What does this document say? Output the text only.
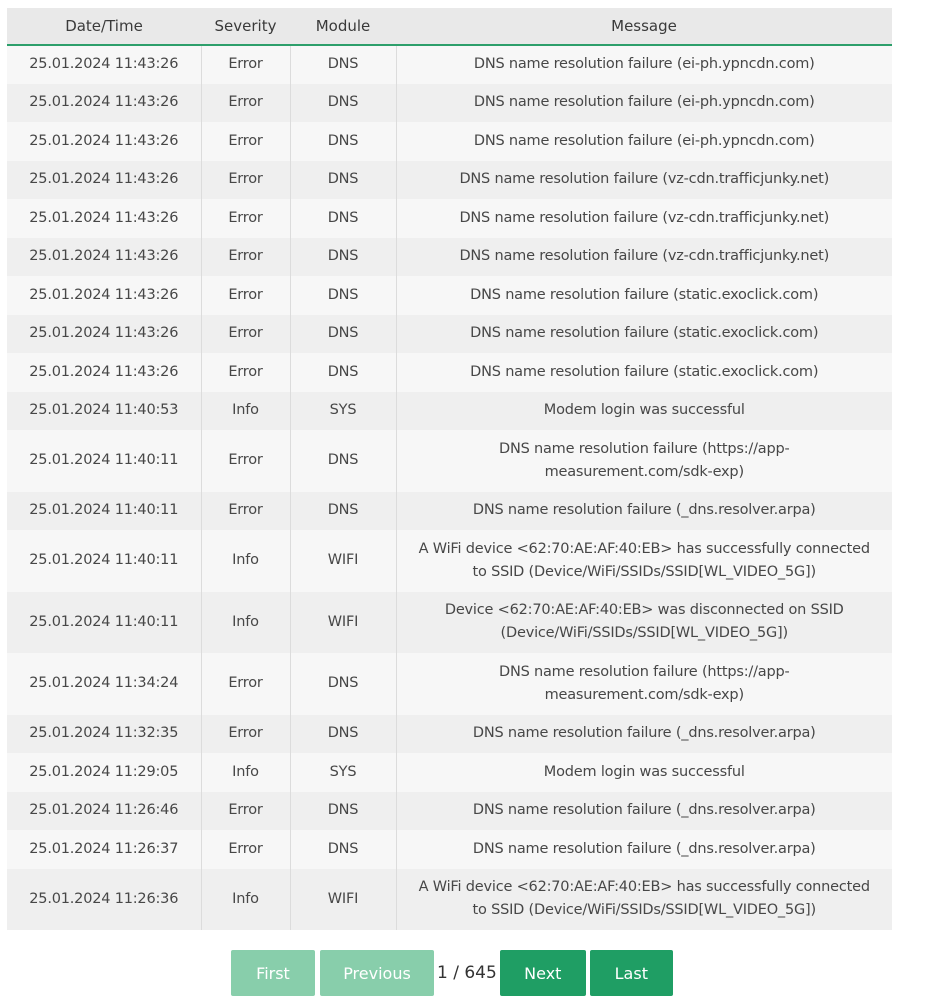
Date/Time	Severity	Module	Message
25.01.2024 11:43:26	Error	DNS	DNS name resolution failure (ei-ph.ypncdn.com)
25.01.2024 11:43:26	Error	DNS	DNS name resolution failure (ei-ph.ypncdn.com)
25.01.2024 11:43:26	Error	DNS	DNS name resolution failure (ei-ph.ypncdn.com)
25.01.2024 11:43:26	Error	DNS	DNS name resolution failure (vz-cdn.trafficjunky.net)
25.01.2024 11:43:26	Error	DNS	DNS name resolution failure (vz-cdn.trafficjunky.net)
25.01.2024 11:43:26	Error	DNS	DNS name resolution failure (vz-cdn.trafficjunky.net)
25.01.2024 11:43:26	Error	DNS	DNS name resolution failure (static.exoclick.com)
25.01.2024 11:43:26	Error	DNS	DNS name resolution failure (static.exoclick.com)
25.01.2024 11:43:26	Error	DNS	DNS name resolution failure (static.exoclick.com)
25.01.2024 11:40:53	Info	SYS	Modem login was successful
25.01.2024 11:40:11	Error	DNS	DNS name resolution failure (https://app-measurement.com/sdk-exp)
25.01.2024 11:40:11	Error	DNS	DNS name resolution failure (_dns.resolver.arpa)
25.01.2024 11:40:11	Info	WIFI	A WiFi device <62:70:AE:AF:40:EB> has successfully connected to SSID (Device/WiFi/SSIDs/SSID[WL_VIDEO_5G])
25.01.2024 11:40:11	Info	WIFI	Device <62:70:AE:AF:40:EB> was disconnected on SSID (Device/WiFi/SSIDs/SSID[WL_VIDEO_5G])
25.01.2024 11:34:24	Error	DNS	DNS name resolution failure (https://app-measurement.com/sdk-exp)
25.01.2024 11:32:35	Error	DNS	DNS name resolution failure (_dns.resolver.arpa)
25.01.2024 11:29:05	Info	SYS	Modem login was successful
25.01.2024 11:26:46	Error	DNS	DNS name resolution failure (_dns.resolver.arpa)
25.01.2024 11:26:37	Error	DNS	DNS name resolution failure (_dns.resolver.arpa)
25.01.2024 11:26:36	Info	WIFI	A WiFi device <62:70:AE:AF:40:EB> has successfully connected to SSID (Device/WiFi/SSIDs/SSID[WL_VIDEO_5G])
First	Previous	1 / 645	Next	Last
